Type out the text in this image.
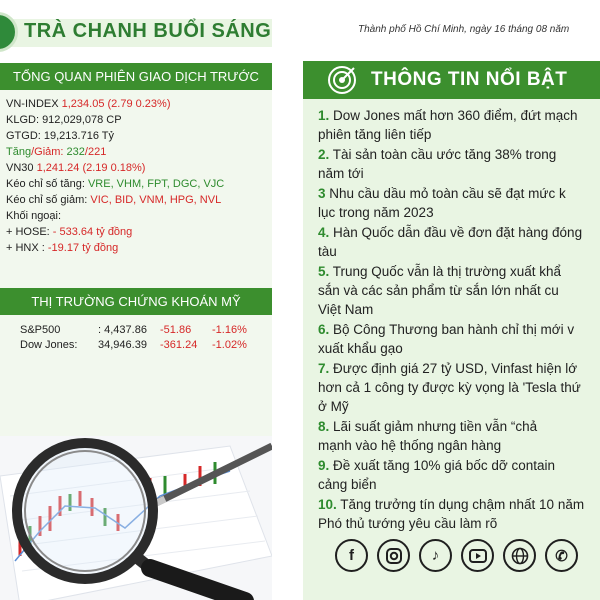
TRÀ CHANH BUỔI SÁNG	Thành phố Hồ Chí Minh, ngày 16 tháng 08 năm
TỔNG QUAN PHIÊN GIAO DỊCH TRƯỚC
VN-INDEX 1,234.05 (2.79 0.23%)
KLGD: 912,029,078 CP
GTGD: 19,213.716 Tỷ
Tăng/Giảm: 232/221
VN30 1,241.24 (2.19 0.18%)
Kéo chỉ số tăng: VRE, VHM, FPT, DGC, VJC
Kéo chỉ số giảm: VIC, BID, VNM, HPG, NVL
Khối ngoại:
+ HOSE: - 533.64 tỷ đồng
+ HNX : -19.17 tỷ đồng
THỊ TRƯỜNG CHỨNG KHOÁN MỸ
S&P500	: 4,437.86	-51.86	-1.16%
Dow Jones:	34,946.39	-361.24	-1.02%
THÔNG TIN NỔI BẬT
1. Dow Jones mất hơn 360 điểm, đứt mạch
phiên tăng liên tiếp
2. Tài sản toàn cầu ước tăng 38% trong
năm tới
3 Nhu cầu dầu mỏ toàn cầu sẽ đạt mức k
lục trong năm 2023
4. Hàn Quốc dẫn đầu về đơn đặt hàng đóng
tàu
5. Trung Quốc vẫn là thị trường xuất khẩ
sắn và các sản phẩm từ sắn lớn nhất cu
Việt Nam
6. Bộ Công Thương ban hành chỉ thị mới v
xuất khẩu gạo
7. Được định giá 27 tỷ USD, Vinfast hiện lớ
hơn cả 1 công ty được kỳ vọng là 'Tesla thứ
ở Mỹ
8. Lãi suất giảm nhưng tiền vẫn “chả
mạnh vào hệ thống ngân hàng
9. Đề xuất tăng 10% giá bốc dỡ contain
cảng biển
10. Tăng trưởng tín dụng chậm nhất 10 năm
Phó thủ tướng yêu cầu làm rõ
f	♪	✆
